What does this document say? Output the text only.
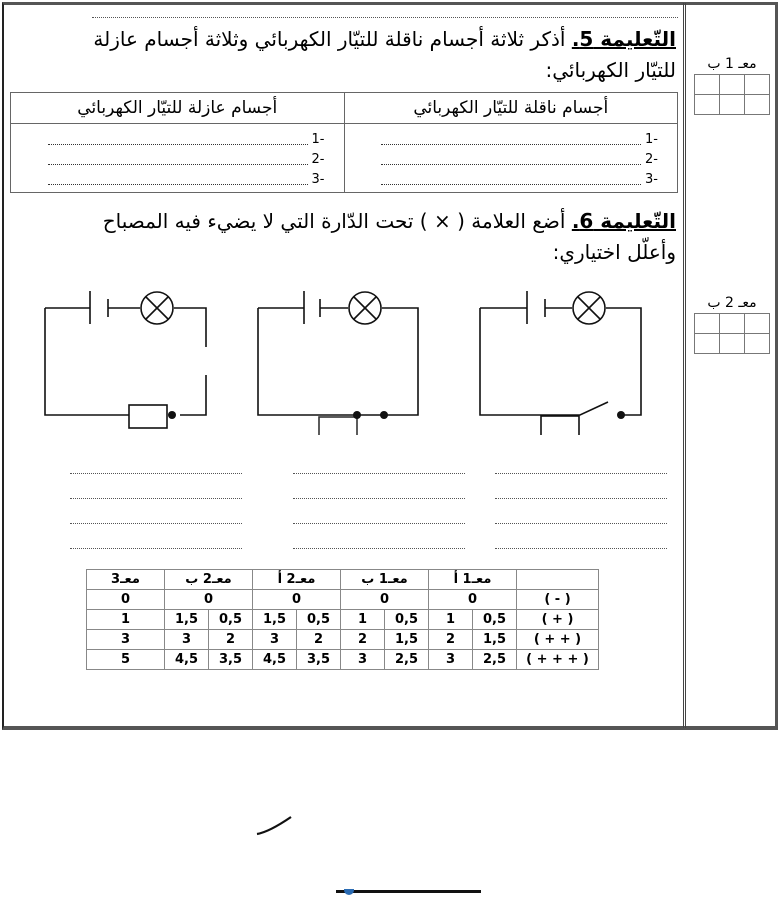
التّعليمة 5. أذكر ثلاثة أجسام ناقلة للتيّار الكهربائي وثلاثة أجسام عازلة للتيّار الكهربائي:
أجسام ناقلة للتيّار الكهربائي	أجسام عازلة للتيّار الكهربائي

-1
-2
-3

-1
-2
-3
معـ 1 ب

معـ 2 ب

التّعليمة 6. أضع العلامة ( × ) تحت الدّارة التي لا يضيء فيه المصباح وأعلّل اختياري:
	معـ1 أ		معـ1 ب		معـ2 أ		معـ2 ب		معـ3
( - )	0		0		0		0		0
( + )	0,5	1	0,5	1	0,5	1,5	0,5	1,5	1
( + + )	1,5	2	1,5	2	2	3	2	3	3
( + + + )	2,5	3	2,5	3	3,5	4,5	3,5	4,5	5
